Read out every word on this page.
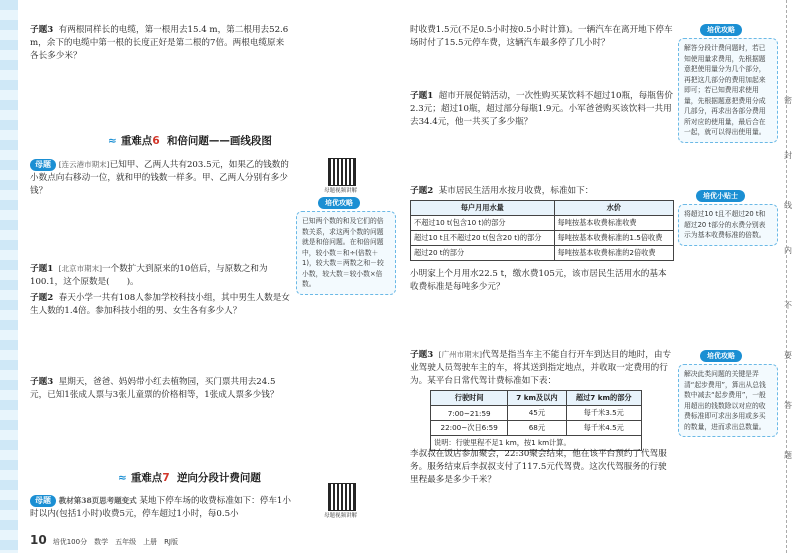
子题3 有两根同样长的电缆，第一根用去15.4 m，第二根用去52.6 m，余下的电缆中第一根的长度正好是第二根的7倍。两根电缆原来各长多少米？
≈ 重难点6 和倍问题——画线段图
母题 [连云港市期末]已知甲、乙两人共有203.5元，如果乙的钱数的小数点向右移动一位，就和甲的钱数一样多。甲、乙两人分别有多少钱？
子题1 [北京市期末]一个数扩大到原来的10倍后，与原数之和为100.1，这个原数是(　　)。
子题2 春天小学一共有108人参加学校科技小组，其中男生人数是女生人数的1.4倍。参加科技小组的男、女生各有多少人？
子题3 星期天，爸爸、妈妈带小红去植物园，买门票共用去24.5元，已知1张成人票与3张儿童票的价格相等，1张成人票多少钱？
≈ 重难点7 逆向分段计费问题
母题 教材第38页思考题变式 某地下停车场的收费标准如下：停车1小时以内(包括1小时)收费5元，停车超过1小时，每0.5小
10 培优100分　数学　五年级　上册　RJ版
母题视频讲解
培优攻略
已知两个数的和及它们的倍数关系，求这两个数的问题就是和倍问题。在和倍问题中，较小数＝和÷(倍数＋1)，较大数＝两数之和－较小数，较大数＝较小数×倍数。
母题视频讲解
时收费1.5元(不足0.5小时按0.5小时计算)。一辆汽车在离开地下停车场时付了15.5元停车费，这辆汽车最多停了几小时？
子题1 超市开展促销活动，一次性购买某饮料不超过10瓶，每瓶售价2.3元；超过10瓶，超过部分每瓶1.9元。小军爸爸购买该饮料一共用去34.4元，他一共买了多少瓶？
子题2 某市居民生活用水按月收费，标准如下：
每户月用水量	水价
不超过10 t(包含10 t)的部分	每吨按基本收费标准收费
超过10 t且不超过20 t(包含20 t)的部分	每吨按基本收费标准的1.5倍收费
超过20 t的部分	每吨按基本收费标准的2倍收费
小明家上个月用水22.5 t，缴水费105元，该市居民生活用水的基本收费标准是每吨多少元？
子题3 [广州市期末]代驾是指当车主不能自行开车到达目的地时，由专业驾驶人员驾驶车主的车，将其送到指定地点，并收取一定费用的行为。某平台日常代驾计费标准如下表：
行驶时间	7 km及以内	超过7 km的部分
7:00~21:59	45元	每千米3.5元
22:00~次日6:59	68元	每千米4.5元
说明：行驶里程不足1 km，按1 km计算。		
李叔叔在饭店参加聚会，22:30聚会结束，他在该平台预约了代驾服务。服务结束后李叔叔支付了117.5元代驾费。这次代驾服务的行驶里程最多是多少千米？
培优攻略
解答分段计费问题时，若已知使用量求费用，先根据题意把使用量分为几个部分，再把这几部分的费用加起来即可；若已知费用求使用量，先根据题意把费用分成几部分，再求出各部分费用所对应的使用量，最后合在一起，就可以得出使用量。
培优小贴士
将超过10 t且不超过20 t和超过20 t部分的水费分别表示为基本收费标准的倍数。
培优攻略
解决此类问题的关键是弄清“起步费用”，算出从总钱数中减去“起步费用”，一般用超出的钱数除以对应的收费标准即可求出多用或多买的数量，进而求出总数量。
密
封
线
内
不
要
答
题
